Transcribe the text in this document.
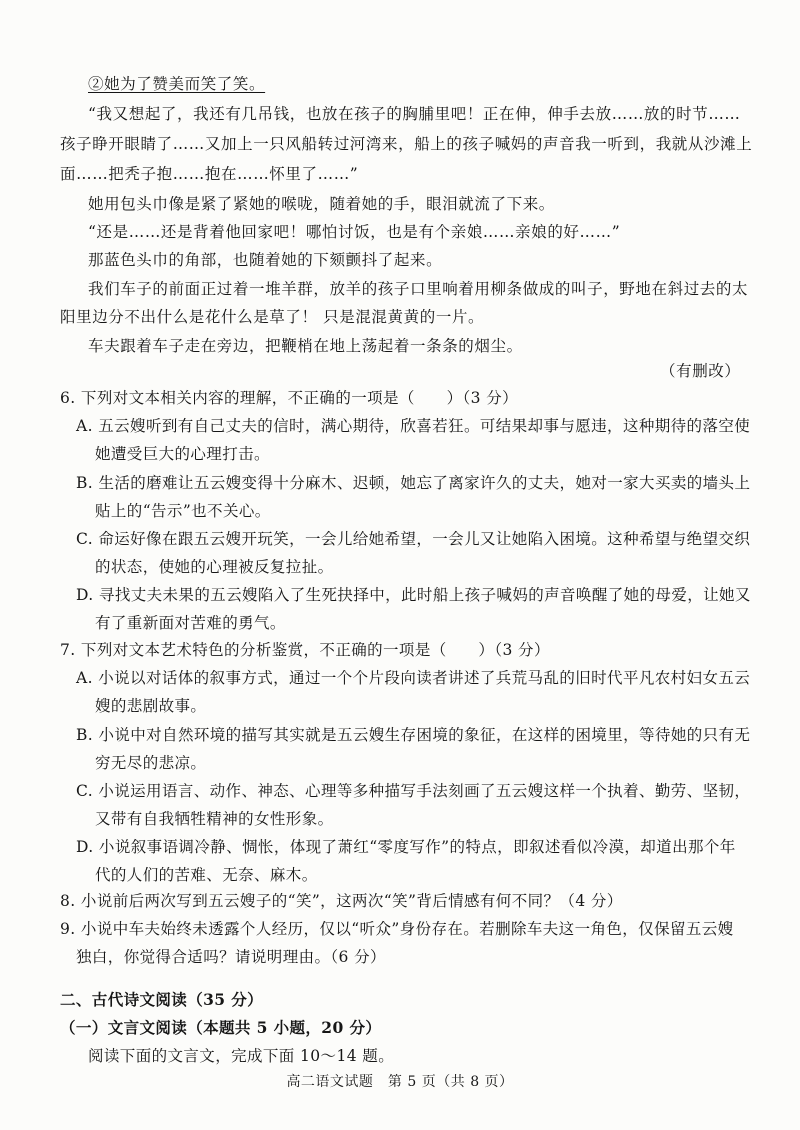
②她为了赞美而笑了笑。
“我又想起了，我还有几吊钱，也放在孩子的胸脯里吧！正在伸，伸手去放……放的时节……
孩子睁开眼睛了……又加上一只风船转过河湾来，船上的孩子喊妈的声音我一听到，我就从沙滩上
面……把秃子抱……抱在……怀里了……”
她用包头巾像是紧了紧她的喉咙，随着她的手，眼泪就流了下来。
“还是……还是背着他回家吧！哪怕讨饭，也是有个亲娘……亲娘的好……”
那蓝色头巾的角部，也随着她的下颏颤抖了起来。
我们车子的前面正过着一堆羊群，放羊的孩子口里响着用柳条做成的叫子，野地在斜过去的太
阳里边分不出什么是花什么是草了！ 只是混混黄黄的一片。
车夫跟着车子走在旁边，把鞭梢在地上荡起着一条条的烟尘。
（有删改）
6. 下列对文本相关内容的理解，不正确的一项是（　　）（3 分）
A. 五云嫂听到有自己丈夫的信时，满心期待，欣喜若狂。可结果却事与愿违，这种期待的落空使
她遭受巨大的心理打击。
B. 生活的磨难让五云嫂变得十分麻木、迟顿，她忘了离家许久的丈夫，她对一家大买卖的墙头上
贴上的“告示”也不关心。
C. 命运好像在跟五云嫂开玩笑，一会儿给她希望，一会儿又让她陷入困境。这种希望与绝望交织
的状态，使她的心理被反复拉扯。
D. 寻找丈夫未果的五云嫂陷入了生死抉择中，此时船上孩子喊妈的声音唤醒了她的母爱，让她又
有了重新面对苦难的勇气。
7. 下列对文本艺术特色的分析鉴赏，不正确的一项是（　　）（3 分）
A. 小说以对话体的叙事方式，通过一个个片段向读者讲述了兵荒马乱的旧时代平凡农村妇女五云
嫂的悲剧故事。
B. 小说中对自然环境的描写其实就是五云嫂生存困境的象征，在这样的困境里，等待她的只有无
穷无尽的悲凉。
C. 小说运用语言、动作、神态、心理等多种描写手法刻画了五云嫂这样一个执着、勤劳、坚韧，
又带有自我牺牲精神的女性形象。
D. 小说叙事语调冷静、惆怅，体现了萧红“零度写作”的特点，即叙述看似冷漠，却道出那个年
代的人们的苦难、无奈、麻木。
8. 小说前后两次写到五云嫂子的“笑”，这两次“笑”背后情感有何不同？（4 分）
9. 小说中车夫始终未透露个人经历，仅以“听众”身份存在。若删除车夫这一角色，仅保留五云嫂
独白，你觉得合适吗？请说明理由。（6 分）
二、古代诗文阅读（35 分）
（一）文言文阅读（本题共 5 小题，20 分）
阅读下面的文言文，完成下面 10～14 题。
高二语文试题　第 5 页（共 8 页）
